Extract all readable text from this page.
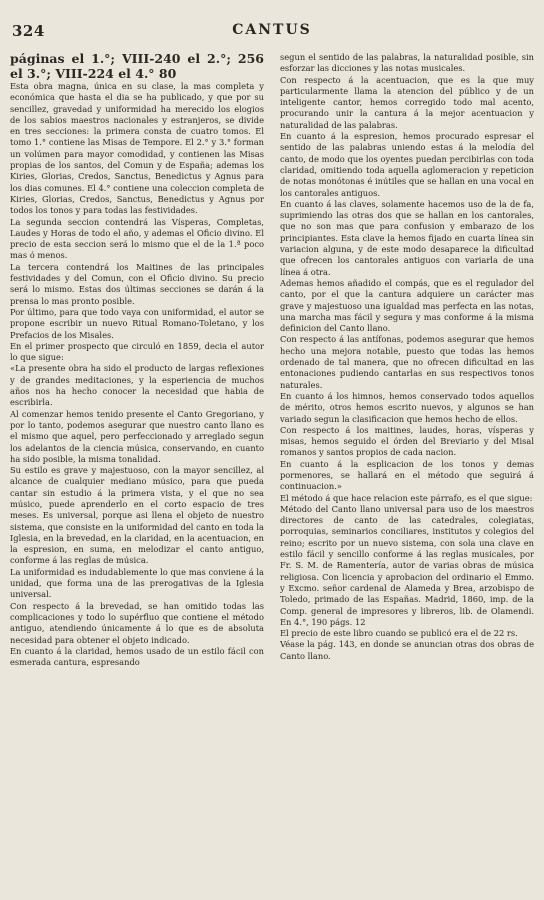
324	CANTUS

páginas el 1.°; VIII-240 el 2.°; 256 el 3.°; VIII-224 el 4.° 80

Esta obra magna, única en su clase, la mas completa y económica que hasta el dia se ha publicado, y que por su sencillez, gravedad y uniformidad ha merecido los elogios de los sabios maestros nacionales y estranjeros, se divide en tres secciones: la primera consta de cuatro tomos. El tomo 1.° contiene las Misas de Tempore. El 2.° y 3.° forman un volúmen para mayor comodidad, y contienen las Misas propias de los santos, del Comun y de España; ademas los Kiries, Glorias, Credos, Sanctus, Benedictus y Agnus para los dias comunes. El 4.° contiene una coleccion completa de Kiries, Glorias, Credos, Sanctus, Benedictus y Agnus por todos los tonos y para todas las festividades.

La segunda seccion contendrá las Vísperas, Completas, Laudes y Horas de todo el año, y ademas el Oficio divino. El precio de esta seccion será lo mismo que el de la 1.ª poco mas ó menos.

La tercera contendrá los Maitines de las principales festividades y del Comun, con el Oficio divino. Su precio será lo mismo. Estas dos últimas secciones se darán á la prensa lo mas pronto posible.

Por último, para que todo vaya con uniformidad, el autor se propone escribir un nuevo Ritual Romano-Toletano, y los Prefacios de los Misales.

En el primer prospecto que circuló en 1859, decia el autor lo que sigue:

«La presente obra ha sido el producto de largas reflexiones y de grandes meditaciones, y la esperiencia de muchos años nos ha hecho conocer la necesidad que habia de escribirla.

Al comenzar hemos tenido presente el Canto Gregoriano, y por lo tanto, podemos asegurar que nuestro canto llano es el mismo que aquel, pero perfeccionado y arreglado segun los adelantos de la ciencia música, conservando, en cuanto ha sido posible, la misma tonalidad.

Su estilo es grave y majestuoso, con la mayor sencillez, al alcance de cualquier mediano músico, para que pueda cantar sin estudio á la primera vista, y el que no sea músico, puede aprenderlo en el corto espacio de tres meses. Es universal, porque asi llena el objeto de nuestro sistema, que consiste en la uniformidad del canto en toda la Iglesia, en la brevedad, en la claridad, en la acentuacion, en la espresion, en suma, en melodizar el canto antiguo, conforme á las reglas de música.

La uniformidad es indudablemente lo que mas conviene á la unidad, que forma una de las prerogativas de la Iglesia universal.

Con respecto á la brevedad, se han omitido todas las complicaciones y todo lo supérfluo que contiene el método antiguo, atendiendo únicamente á lo que es de absoluta necesidad para obtener el objeto indicado.

En cuanto á la claridad, hemos usado de un estilo fácil con esmerada cantura, espresando

segun el sentido de las palabras, la naturalidad posible, sin esforzar las dicciones y las notas musicales.

Con respecto á la acentuacion, que es la que muy particularmente llama la atencion del público y de un inteligente cantor, hemos corregido todo mal acento, procurando unir la cantura á la mejor acentuacion y naturalidad de las palabras.

En cuanto á la espresion, hemos procurado espresar el sentido de las palabras uniendo estas á la melodía del canto, de modo que los oyentes puedan percibirlas con toda claridad, omitiendo toda aquella aglomeracion y repeticion de notas monótonas é inútiles que se hallan en una vocal en los cantorales antiguos.

En cuanto á las claves, solamente hacemos uso de la de fa, suprimiendo las otras dos que se hallan en los cantorales, que no son mas que para confusion y embarazo de los principiantes. Esta clave la hemos fijado en cuarta línea sin variacion alguna, y de este modo desaparece la dificultad que ofrecen los cantorales antiguos con variarla de una línea á otra.

Ademas hemos añadido el compás, que es el regulador del canto, por el que la cantura adquiere un carácter mas grave y majestuoso una igualdad mas perfecta en las notas, una marcha mas fácil y segura y mas conforme á la misma definicion del Canto llano.

Con respecto á las antífonas, podemos asegurar que hemos hecho una mejora notable, puesto que todas las hemos ordenado de tal manera, que no ofrecen dificultad en las entonaciones pudiendo cantarlas en sus respectivos tonos naturales.

En cuanto á los himnos, hemos conservado todos aquellos de mérito, otros hemos escrito nuevos, y algunos se han variado segun la clasificacion que hemos hecho de ellos.

Con respecto á los maitines, laudes, horas, vísperas y misas, hemos seguido el órden del Breviario y del Misal romanos y santos propios de cada nacion.

En cuanto á la esplicacion de los tonos y demas pormenores, se hallará en el método que seguirá á continuacion.»

El método á que hace relacion este párrafo, es el que sigue:

Método del Canto llano universal para uso de los maestros directores de canto de las catedrales, colegiatas, porroquias, seminarios conciliares, institutos y colegios del reino; escrito por un nuevo sistema, con sola una clave en estilo fácil y sencillo conforme á las reglas musicales, por Fr. S. M. de Ramentería, autor de varias obras de música religiosa. Con licencia y aprobacion del ordinario el Emmo. y Excmo. señor cardenal de Alameda y Brea, arzobispo de Toledo, primado de las Españas. Madrid, 1860, imp. de la Comp. general de impresores y libreros, lib. de Olamendi. En 4.°, 190 págs. 12

El precio de este libro cuando se publicó era el de 22 rs.

Véase la pág. 143, en donde se anuncian otras dos obras de Canto llano.
